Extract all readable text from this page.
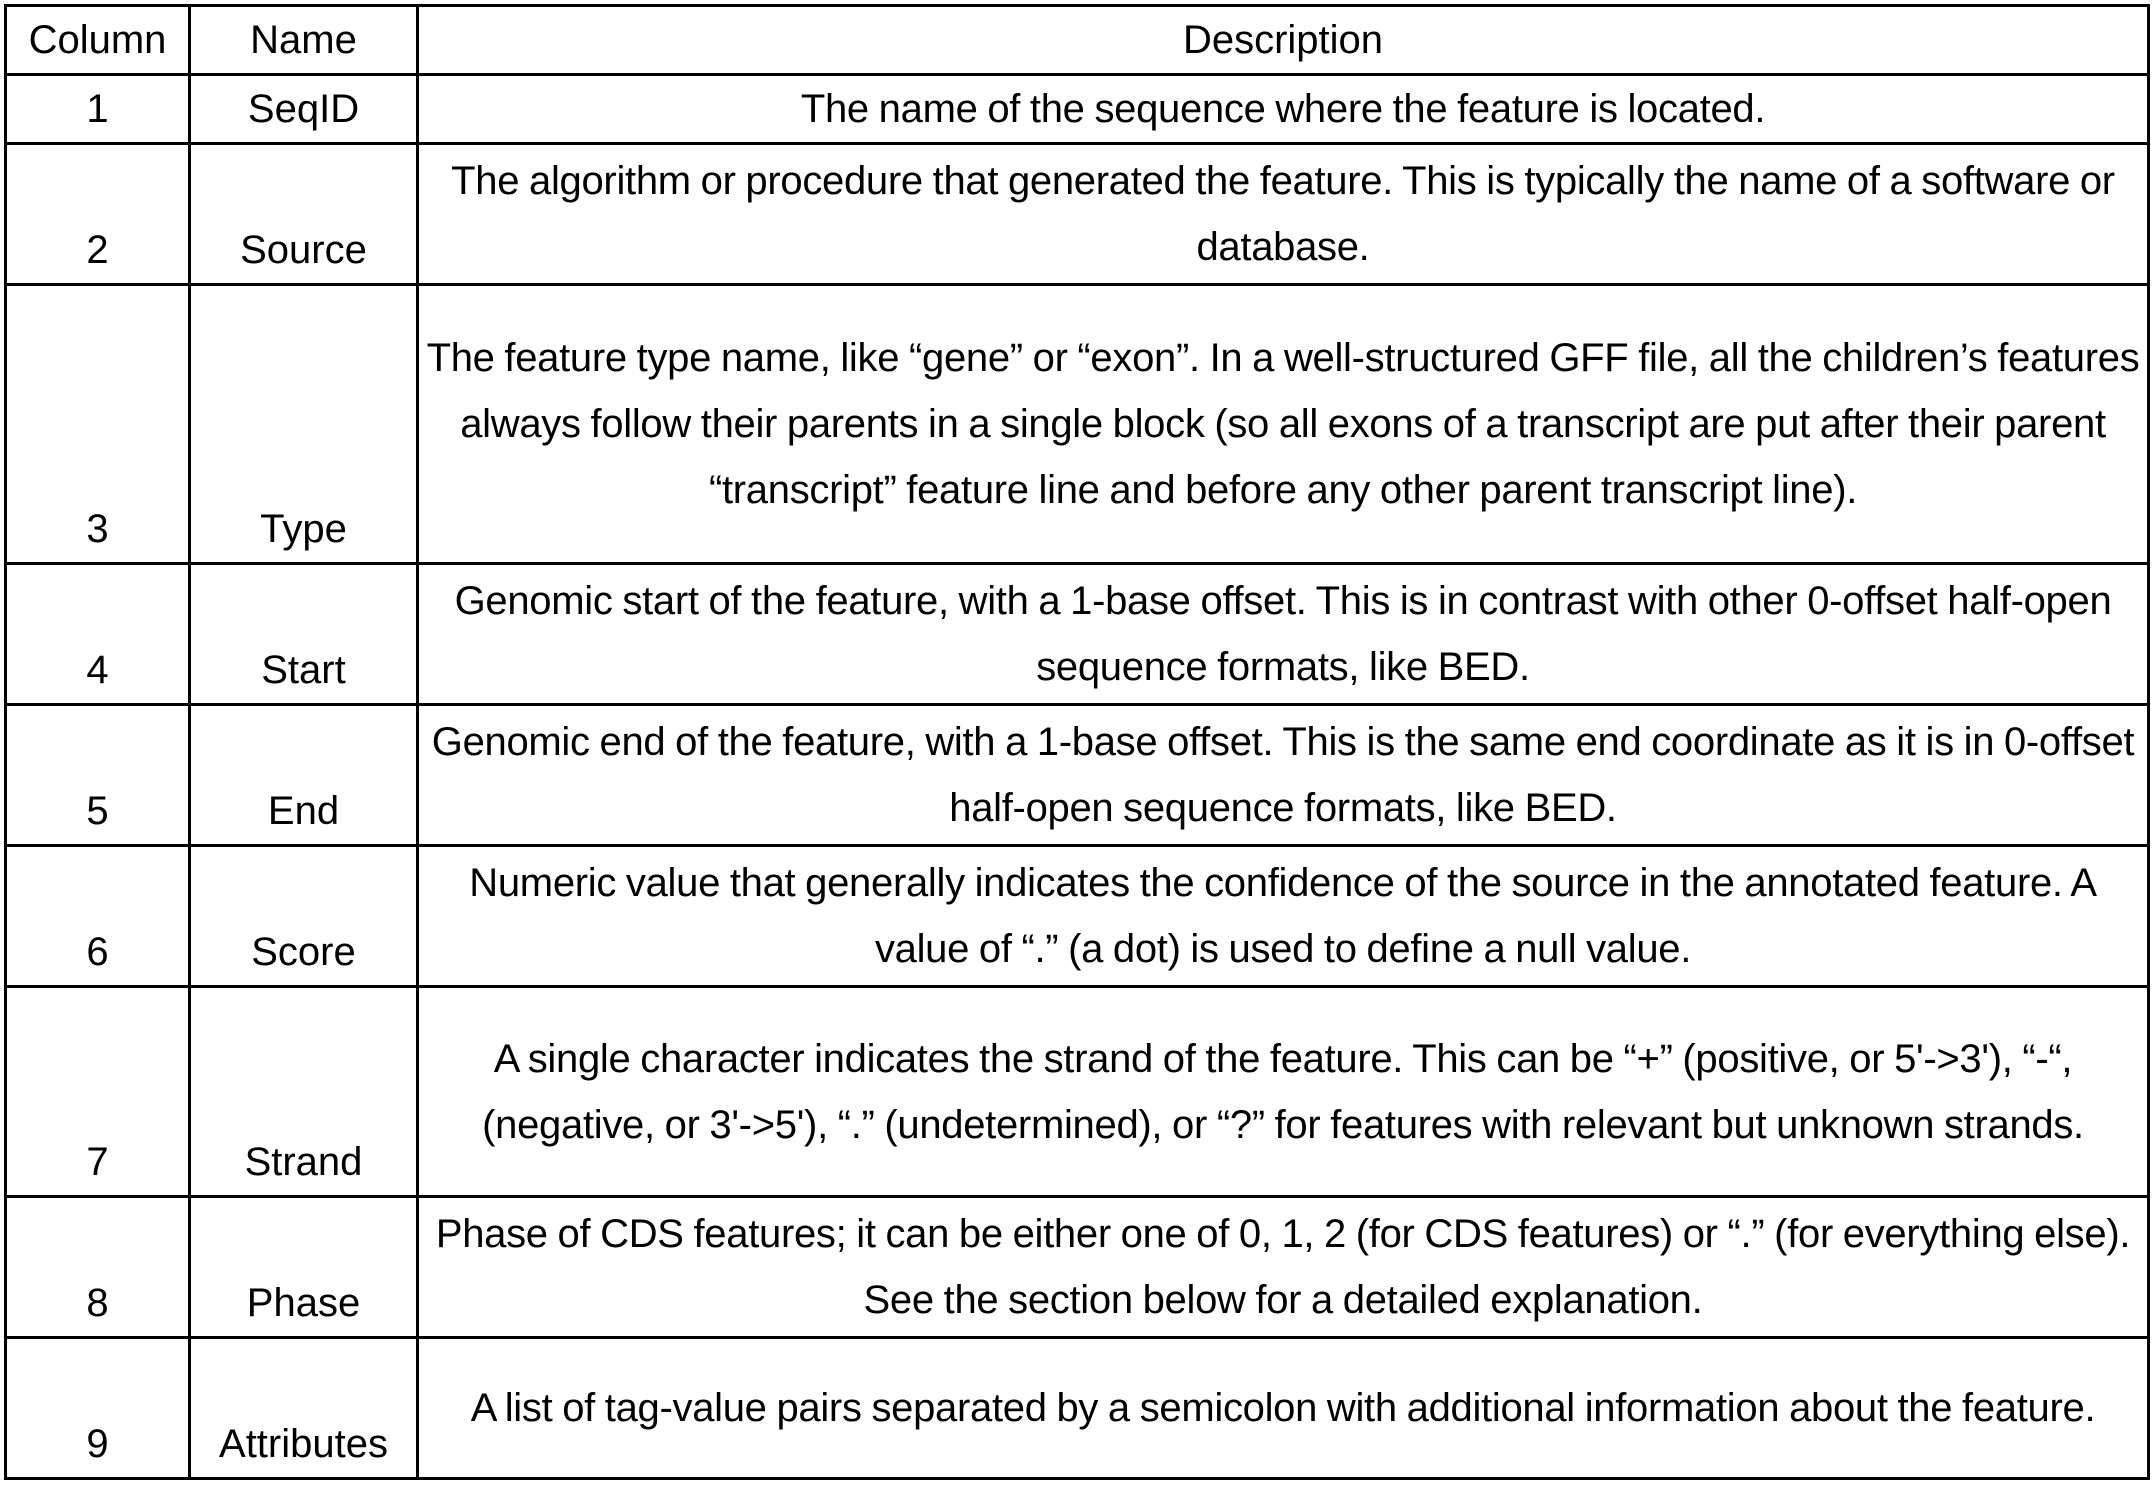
Column	Name	Description
1	SeqID	The name of the sequence where the feature is located.
2	Source	The algorithm or procedure that generated the feature. This is typically the name of a software or database.
3	Type	The feature type name, like “gene” or “exon”. In a well-structured GFF file, all the children’s features always follow their parents in a single block (so all exons of a transcript are put after their parent “transcript” feature line and before any other parent transcript line).
4	Start	Genomic start of the feature, with a 1-base offset. This is in contrast with other 0-offset half-open sequence formats, like BED.
5	End	Genomic end of the feature, with a 1-base offset. This is the same end coordinate as it is in 0-offset half-open sequence formats, like BED.
6	Score	Numeric value that generally indicates the confidence of the source in the annotated feature. A value of “.” (a dot) is used to define a null value.
7	Strand	A single character indicates the strand of the feature. This can be “+” (positive, or 5'->3'), “-“, (negative, or 3'->5'), “.” (undetermined), or “?” for features with relevant but unknown strands.
8	Phase	Phase of CDS features; it can be either one of 0, 1, 2 (for CDS features) or “.” (for everything else). See the section below for a detailed explanation.
9	Attributes	A list of tag-value pairs separated by a semicolon with additional information about the feature.
